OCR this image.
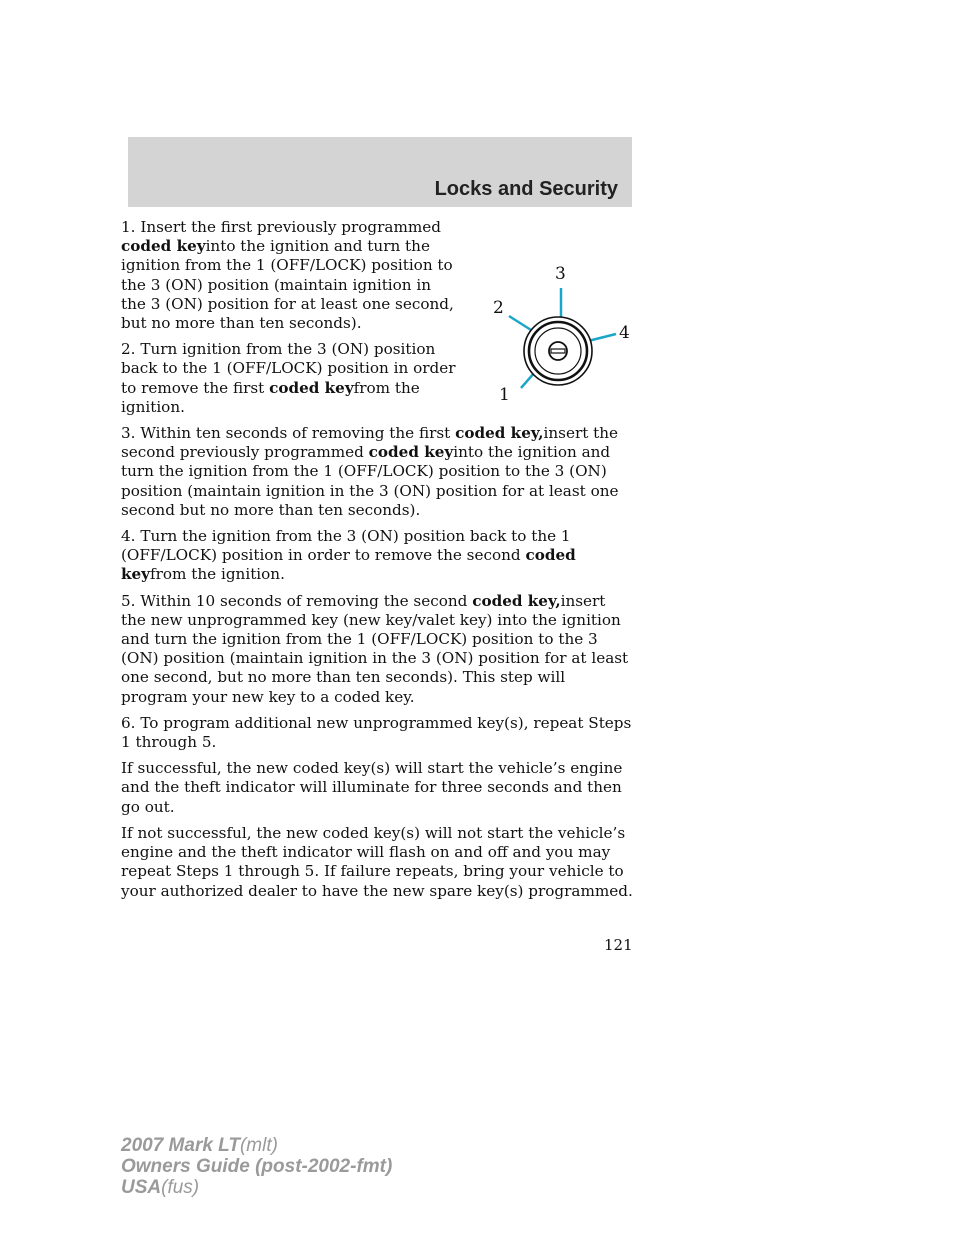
Locks and Security
3
2
4
1

1. Insert the first previously programmed coded keyinto the ignition and turn the ignition from the 1 (OFF/LOCK) position to the 3 (ON) position (maintain ignition in the 3 (ON) position for at least one second, but no more than ten seconds).

2. Turn ignition from the 3 (ON) position back to the 1 (OFF/LOCK) position in order to remove the first coded keyfrom the ignition.

3. Within ten seconds of removing the first coded key,insert the second previously programmed coded keyinto the ignition and turn the ignition from the 1 (OFF/LOCK) position to the 3 (ON) position (maintain ignition in the 3 (ON) position for at least one second but no more than ten seconds).

4. Turn the ignition from the 3 (ON) position back to the 1 (OFF/LOCK) position in order to remove the second coded keyfrom the ignition.

5. Within 10 seconds of removing the second coded key,insert the new unprogrammed key (new key/valet key) into the ignition and turn the ignition from the 1 (OFF/LOCK) position to the 3 (ON) position (maintain ignition in the 3 (ON) position for at least one second, but no more than ten seconds). This step will program your new key to a coded key.

6. To program additional new unprogrammed key(s), repeat Steps 1 through 5.

If successful, the new coded key(s) will start the vehicle’s engine and the theft indicator will illuminate for three seconds and then go out.

If not successful, the new coded key(s) will not start the vehicle’s engine and the theft indicator will flash on and off and you may repeat Steps 1 through 5. If failure repeats, bring your vehicle to your authorized dealer to have the new spare key(s) programmed.

121
2007 Mark LT(mlt)
Owners Guide (post-2002-fmt)
USA(fus)
